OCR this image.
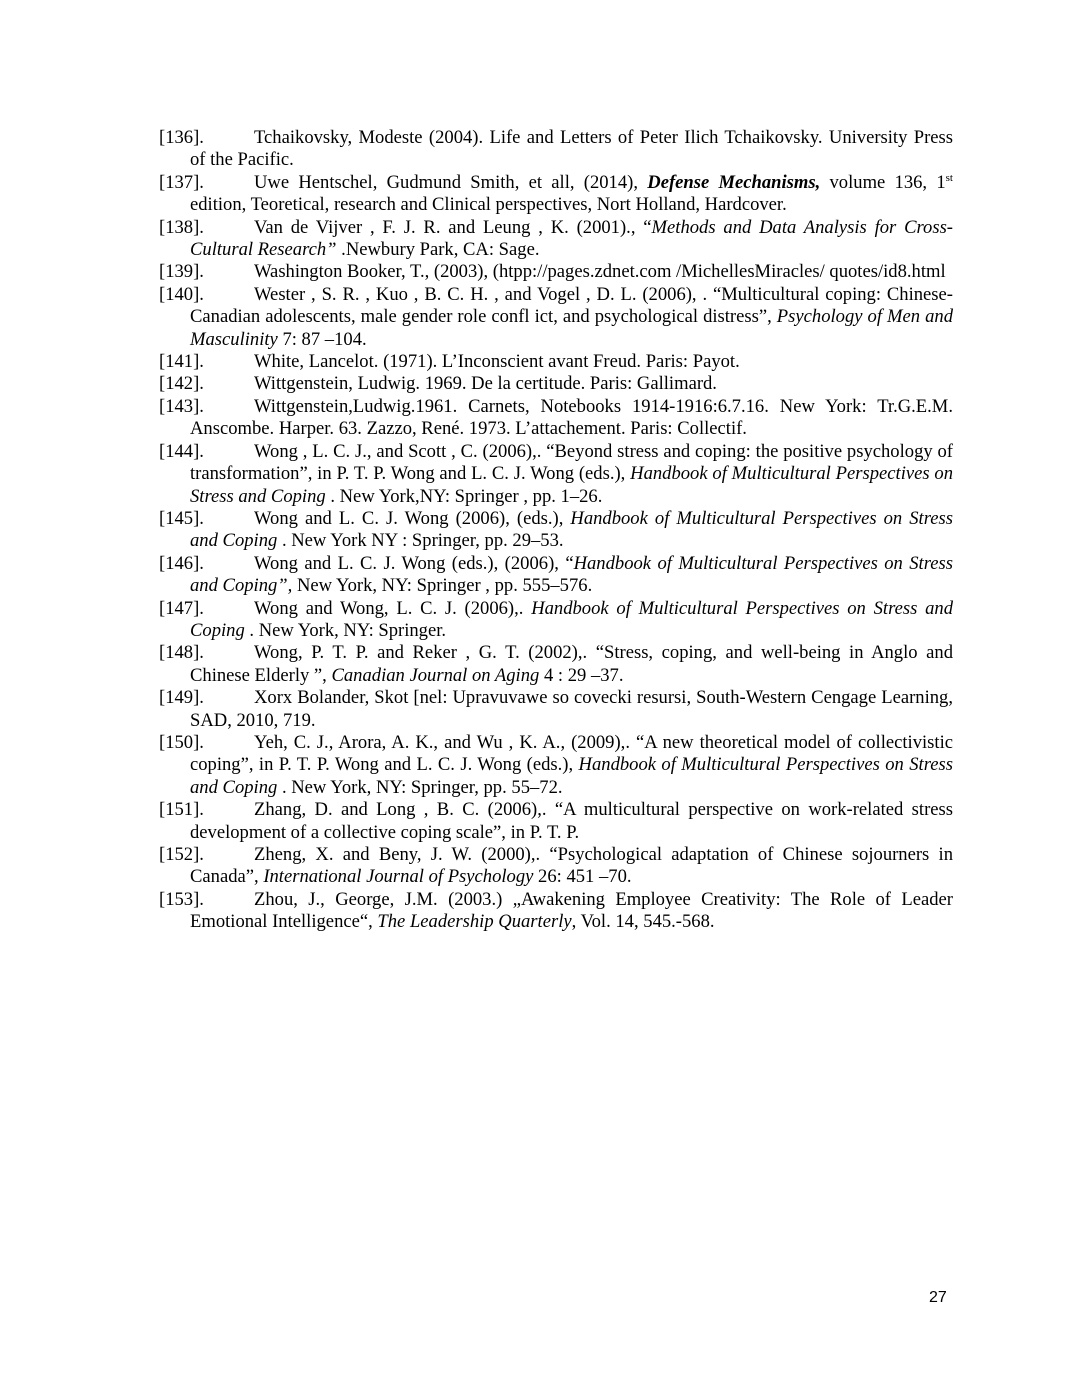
[136].	Tchaikovsky, Modeste (2004). Life and Letters of Peter Ilich Tchaikovsky. University Press of the Pacific.
[137].	Uwe Hentschel, Gudmund Smith, et all, (2014), Defense Mechanisms, volume 136, 1st edition, Teoretical, research and Clinical perspectives, Nort Holland, Hardcover.
[138].	Van de Vijver , F. J. R. and Leung , K. (2001)., “Methods and Data Analysis for Cross-Cultural Research” .Newbury Park, CA: Sage.
[139].	Washington Booker, T., (2003), (htpp://pages.zdnet.com /MichellesMiracles/ quotes/id8.html
[140].	Wester , S. R. , Kuo , B. C. H. , and Vogel , D. L. (2006), . “Multicultural coping: Chinese-Canadian adolescents, male gender role confl ict, and psychological distress”, Psychology of Men and Masculinity 7: 87 –104.
[141].	White, Lancelot. (1971). L’Inconscient avant Freud. Paris: Payot.
[142].	Wittgenstein, Ludwig. 1969. De la certitude. Paris: Gallimard.
[143].	Wittgenstein,Ludwig.1961. Carnets, Notebooks 1914-1916:6.7.16. New York: Tr.G.E.M. Anscombe. Harper. 63. Zazzo, René. 1973. L’attachement. Paris: Collectif.
[144].	Wong , L. C. J., and Scott , C. (2006),. “Beyond stress and coping: the positive psychology of transformation”, in P. T. P. Wong and L. C. J. Wong (eds.), Handbook of Multicultural Perspectives on Stress and Coping . New York,NY: Springer , pp. 1–26.
[145].	Wong and L. C. J. Wong (2006), (eds.), Handbook of Multicultural Perspectives on Stress and Coping . New York NY : Springer, pp. 29–53.
[146].	Wong and L. C. J. Wong (eds.), (2006), “Handbook of Multicultural Perspectives on Stress and Coping”, New York, NY: Springer , pp. 555–576.
[147].	Wong and Wong, L. C. J. (2006),. Handbook of Multicultural Perspectives on Stress and Coping . New York, NY: Springer.
[148].	Wong, P. T. P. and Reker , G. T. (2002),. “Stress, coping, and well-being in Anglo and Chinese Elderly ”, Canadian Journal on Aging 4 : 29 –37.
[149].	Xorx Bolander, Skot [nel: Upravuvawe so covecki resursi, South-Western Cengage Learning, SAD, 2010, 719.
[150].	Yeh, C. J., Arora, A. K., and Wu , K. A., (2009),. “A new theoretical model of collectivistic coping”, in P. T. P. Wong and L. C. J. Wong (eds.), Handbook of Multicultural Perspectives on Stress and Coping . New York, NY: Springer, pp. 55–72.
[151].	Zhang, D. and Long , B. C. (2006),. “A multicultural perspective on work-related stress development of a collective coping scale”, in P. T. P.
[152].	Zheng, X. and Beny, J. W. (2000),. “Psychological adaptation of Chinese sojourners in Canada”, International Journal of Psychology 26: 451 –70.
[153].	Zhou, J., George, J.M. (2003.) „Awakening Employee Creativity: The Role of Leader Emotional Intelligence“, The Leadership Quarterly, Vol. 14, 545.-568.
27
